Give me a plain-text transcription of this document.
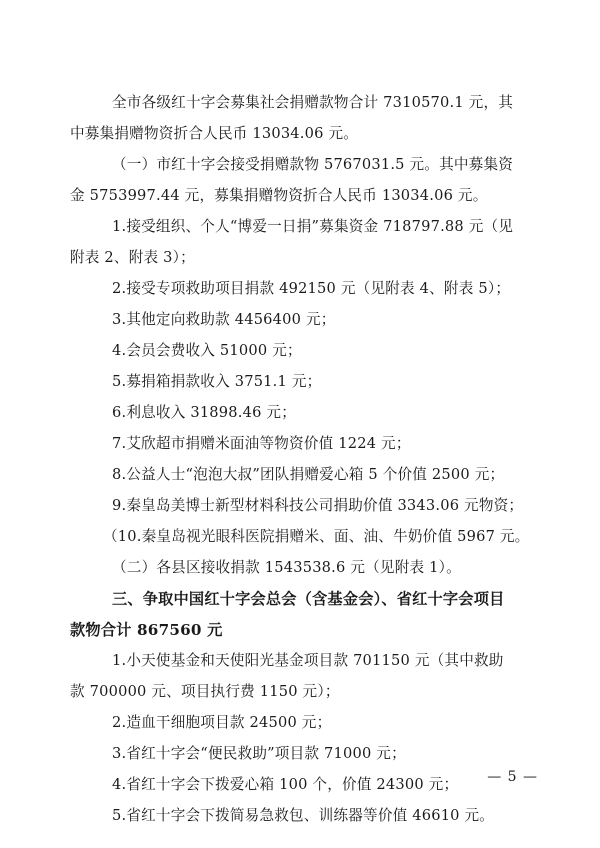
全市各级红十字会募集社会捐赠款物合计 7310570.1 元，其
中募集捐赠物资折合人民币 13034.06 元。
（一）市红十字会接受捐赠款物 5767031.5 元。其中募集资
金 5753997.44 元，募集捐赠物资折合人民币 13034.06 元。
1.接受组织、个人“博爱一日捐”募集资金 718797.88 元（见
附表 2、附表 3）；
2.接受专项救助项目捐款 492150 元（见附表 4、附表 5）；
3.其他定向救助款 4456400 元；
4.会员会费收入 51000 元；
5.募捐箱捐款收入 3751.1 元；
6.利息收入 31898.46 元；
7.艾欣超市捐赠米面油等物资价值 1224 元；
8.公益人士“泡泡大叔”团队捐赠爱心箱 5 个价值 2500 元；
9.秦皇岛美博士新型材料科技公司捐助价值 3343.06 元物资；
（10.秦皇岛视光眼科医院捐赠米、面、油、牛奶价值 5967 元。
（二）各县区接收捐款 1543538.6 元（见附表 1）。
三、争取中国红十字会总会（含基金会）、省红十字会项目
款物合计 867560 元
1.小天使基金和天使阳光基金项目款 701150 元（其中救助
款 700000 元、项目执行费 1150 元）；
2.造血干细胞项目款 24500 元；
3.省红十字会“便民救助”项目款 71000 元；
4.省红十字会下拨爱心箱 100 个，价值 24300 元；
5.省红十字会下拨简易急救包、训练器等价值 46610 元。
— 5 —
